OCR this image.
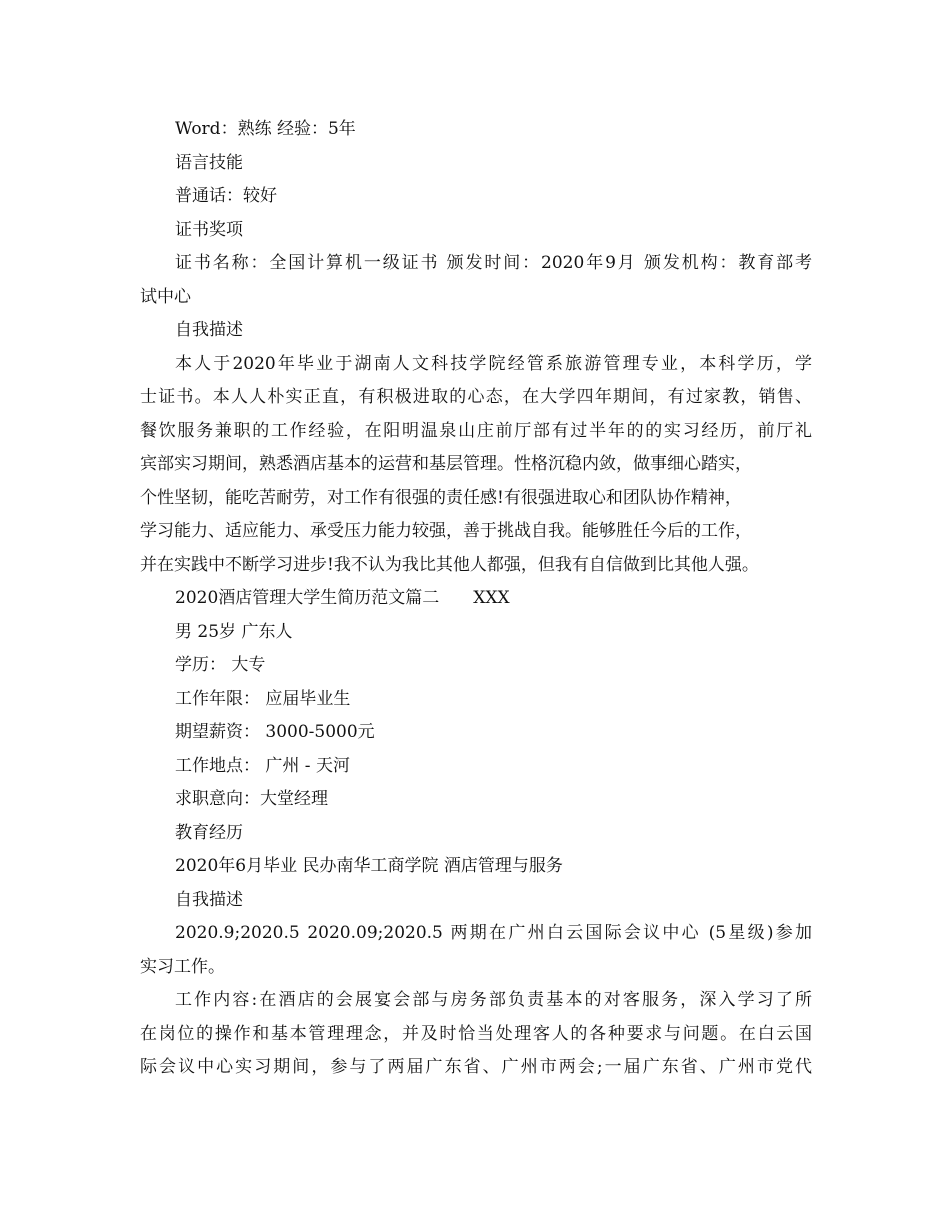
Word：熟练 经验：5年
语言技能
普通话：较好
证书奖项
证书名称：全国计算机一级证书 颁发时间：2020年9月 颁发机构：教育部考
试中心
自我描述
本人于2020年毕业于湖南人文科技学院经管系旅游管理专业，本科学历，学
士证书。本人人朴实正直，有积极进取的心态，在大学四年期间，有过家教，销售、
餐饮服务兼职的工作经验，在阳明温泉山庄前厅部有过半年的的实习经历，前厅礼
宾部实习期间，熟悉酒店基本的运营和基层管理。性格沉稳内敛，做事细心踏实，
个性坚韧，能吃苦耐劳，对工作有很强的责任感!有很强进取心和团队协作精神，
学习能力、适应能力、承受压力能力较强，善于挑战自我。能够胜任今后的工作，
并在实践中不断学习进步!我不认为我比其他人都强，但我有自信做到比其他人强。
2020酒店管理大学生简历范文篇二 XXX
男 25岁 广东人
学历： 大专
工作年限： 应届毕业生
期望薪资： 3000-5000元
工作地点： 广州 - 天河
求职意向：大堂经理
教育经历
2020年6月毕业 民办南华工商学院 酒店管理与服务
自我描述
2020.9;2020.5 2020.09;2020.5 两期在广州白云国际会议中心 (5星级)参加
实习工作。
工作内容:在酒店的会展宴会部与房务部负责基本的对客服务，深入学习了所
在岗位的操作和基本管理理念，并及时恰当处理客人的各种要求与问题。在白云国
际会议中心实习期间，参与了两届广东省、广州市两会;一届广东省、广州市党代
